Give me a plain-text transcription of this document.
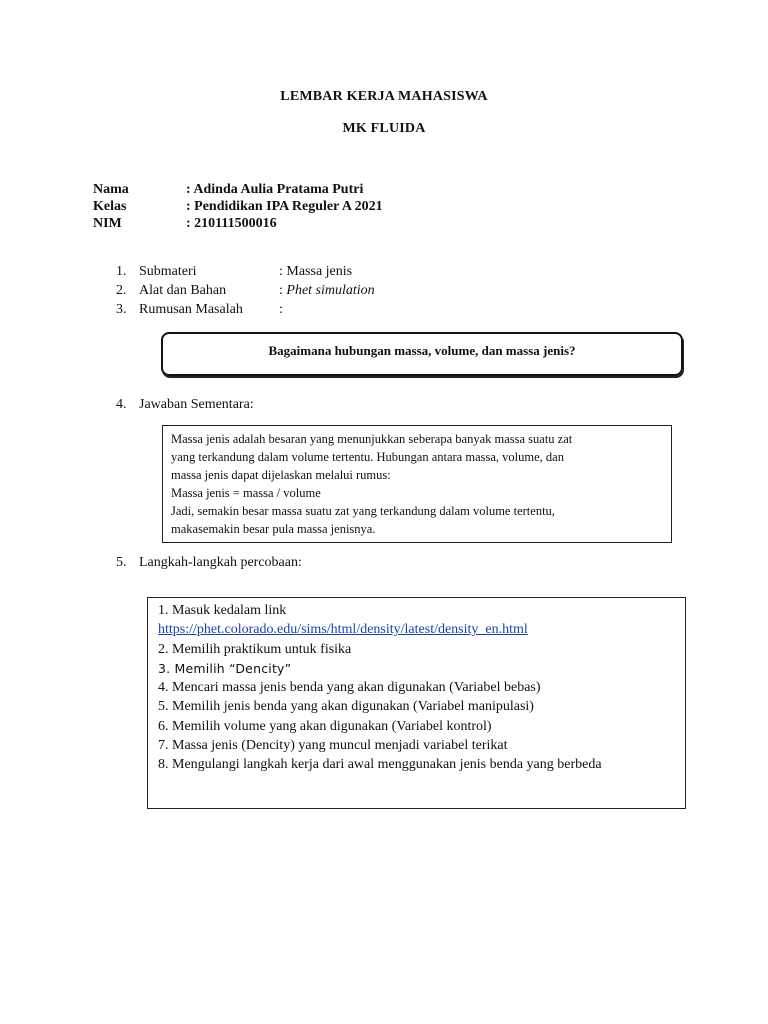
LEMBAR KERJA MAHASISWA
MK FLUIDA
Nama	: Adinda Aulia Pratama Putri
Kelas	: Pendidikan IPA Reguler A 2021
NIM	: 210111500016
1. Submateri	: Massa jenis
2. Alat dan Bahan	: Phet simulation
3. Rumusan Masalah	:
Bagaimana hubungan massa, volume, dan massa jenis?
4. Jawaban Sementara:
Massa jenis adalah besaran yang menunjukkan seberapa banyak massa suatu zat
yang terkandung dalam volume tertentu. Hubungan antara massa, volume, dan
massa jenis dapat dijelaskan melalui rumus:
Massa jenis = massa / volume
Jadi, semakin besar massa suatu zat yang terkandung dalam volume tertentu,
makasemakin besar pula massa jenisnya.
5. Langkah-langkah percobaan:
1. Masuk kedalam link
https://phet.colorado.edu/sims/html/density/latest/density_en.html
2. Memilih praktikum untuk fisika
3. Memilih “Dencity”
4. Mencari massa jenis benda yang akan digunakan (Variabel bebas)
5. Memilih jenis benda yang akan digunakan (Variabel manipulasi)
6. Memilih volume yang akan digunakan (Variabel kontrol)
7. Massa jenis (Dencity) yang muncul menjadi variabel terikat
8. Mengulangi langkah kerja dari awal menggunakan jenis benda yang berbeda
